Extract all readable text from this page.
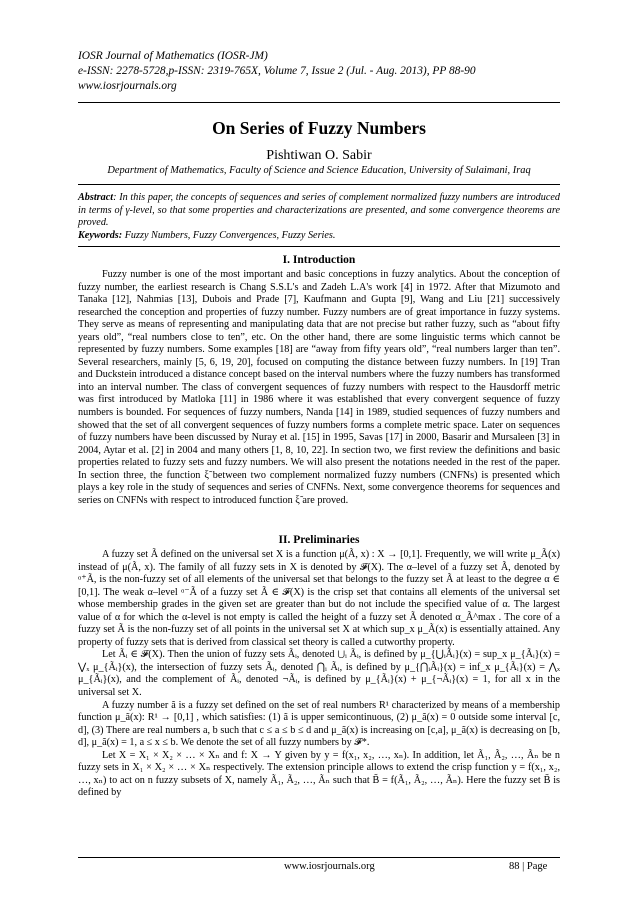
IOSR Journal of Mathematics (IOSR-JM)
e-ISSN: 2278-5728,p-ISSN: 2319-765X, Volume 7, Issue 2 (Jul. - Aug. 2013), PP 88-90
www.iosrjournals.org
On Series of Fuzzy Numbers
Pishtiwan O. Sabir
Department of Mathematics, Faculty of Science and Science Education, University of Sulaimani, Iraq
Abstract: In this paper, the concepts of sequences and series of complement normalized fuzzy numbers are introduced in terms of γ-level, so that some properties and characterizations are presented, and some convergence theorems are proved.
Keywords: Fuzzy Numbers, Fuzzy Convergences, Fuzzy Series.
I. Introduction

Fuzzy number is one of the most important and basic conceptions in fuzzy analytics. About the conception of fuzzy number, the earliest research is Chang S.S.L's and Zadeh L.A's work [4] in 1972. After that Mizumoto and Tanaka [12], Nahmias [13], Dubois and Prade [7], Kaufmann and Gupta [9], Wang and Liu [21] successively researched the conception and properties of fuzzy number. Fuzzy numbers are of great importance in fuzzy systems. They serve as means of representing and manipulating data that are not precise but rather fuzzy, such as “about fifty years old”, “real numbers close to ten”, etc. On the other hand, there are some linguistic terms which cannot be represented by fuzzy numbers. Some examples [18] are “away from fifty years old”, “real numbers larger than ten”. Several researchers, mainly [5, 6, 19, 20], focused on computing the distance between fuzzy numbers. In [19] Tran and Duckstein introduced a distance concept based on the interval numbers where the fuzzy numbers has transformed into an interval number. The class of convergent sequences of fuzzy numbers with respect to the Hausdorff metric was first introduced by Matloka [11] in 1986 where it was established that every convergent sequence of fuzzy numbers is bounded. For sequences of fuzzy numbers, Nanda [14] in 1989, studied sequences of fuzzy numbers and showed that the set of all convergent sequences of fuzzy numbers forms a complete metric space. Later on sequences of fuzzy numbers have been discussed by Nuray et al. [15] in 1995, Savas [17] in 2000, Basarir and Mursaleen [3] in 2004, Aytar et al. [2] in 2004 and many others [1, 8, 10, 22]. In section two, we first review the definitions and basic properties related to fuzzy sets and fuzzy numbers. We will also present the notations needed in the rest of the paper. In section three, the function ξ̃ between two complement normalized fuzzy numbers (CNFNs) is presented which plays a key role in the study of sequences and series of CNFNs. Next, some convergence theorems for sequences and series on CNFNs with respect to introduced function ξ̃ are proved.

II. Preliminaries

A fuzzy set Ã defined on the universal set X is a function μ(Ã, x) : X → [0,1]. Frequently, we will write μ_Ã(x) instead of μ(Ã, x). The family of all fuzzy sets in X is denoted by 𝓕(X). The α–level of a fuzzy set Ã, denoted by ᵅ⁺Ã, is the non-fuzzy set of all elements of the universal set that belongs to the fuzzy set Ã at least to the degree α ∈ [0,1]. The weak α–level ᵅ⁻Ã of a fuzzy set Ã ∈ 𝓕(X) is the crisp set that contains all elements of the universal set whose membership grades in the given set are greater than but do not include the specified value of α. The largest value of α for which the α-level is not empty is called the height of a fuzzy set Ã denoted α_Ã^max . The core of a fuzzy set Ã is the non-fuzzy set of all points in the universal set X at which sup_x μ_Ã(x) is essentially attained. Any property of fuzzy sets that is derived from classical set theory is called a cutworthy property.

Let Ãᵢ ∈ 𝓕(X). Then the union of fuzzy sets Ãᵢ, denoted ⋃ᵢ Ãᵢ, is defined by μ_{⋃ᵢÃᵢ}(x) = sup_x μ_{Ãᵢ}(x) = ⋁ₓ μ_{Ãᵢ}(x), the intersection of fuzzy sets Ãᵢ, denoted ⋂ᵢ Ãᵢ, is defined by μ_{⋂ᵢÃᵢ}(x) = inf_x μ_{Ãᵢ}(x) = ⋀ₓ μ_{Ãᵢ}(x), and the complement of Ãᵢ, denoted ¬Ãᵢ, is defined by μ_{Ãᵢ}(x) + μ_{¬Ãᵢ}(x) = 1, for all x in the universal set X.

A fuzzy number ã is a fuzzy set defined on the set of real numbers R¹ characterized by means of a membership function μ_ã(x): R¹ → [0,1] , which satisfies: (1) ã is upper semicontinuous, (2) μ_ã(x) = 0 outside some interval [c, d], (3) There are real numbers a, b such that c ≤ a ≤ b ≤ d and μ_ã(x) is increasing on [c,a], μ_ã(x) is decreasing on [b, d], μ_ã(x) = 1, a ≤ x ≤ b. We denote the set of all fuzzy numbers by 𝓕*.

Let X = X₁ × X₂ × … × Xₙ and f: X → Y given by y = f(x₁, x₂, …, xₙ). In addition, let Ã₁, Ã₂, …, Ãₙ be n fuzzy sets in X₁ × X₂ × … × Xₙ respectively. The extension principle allows to extend the crisp function y = f(x₁, x₂, …, xₙ) to act on n fuzzy subsets of X, namely Ã₁, Ã₂, …, Ãₙ such that B̃ = f(Ã₁, Ã₂, …, Ãₙ). Here the fuzzy set B̃ is defined by

www.iosrjournals.org	88 | Page
